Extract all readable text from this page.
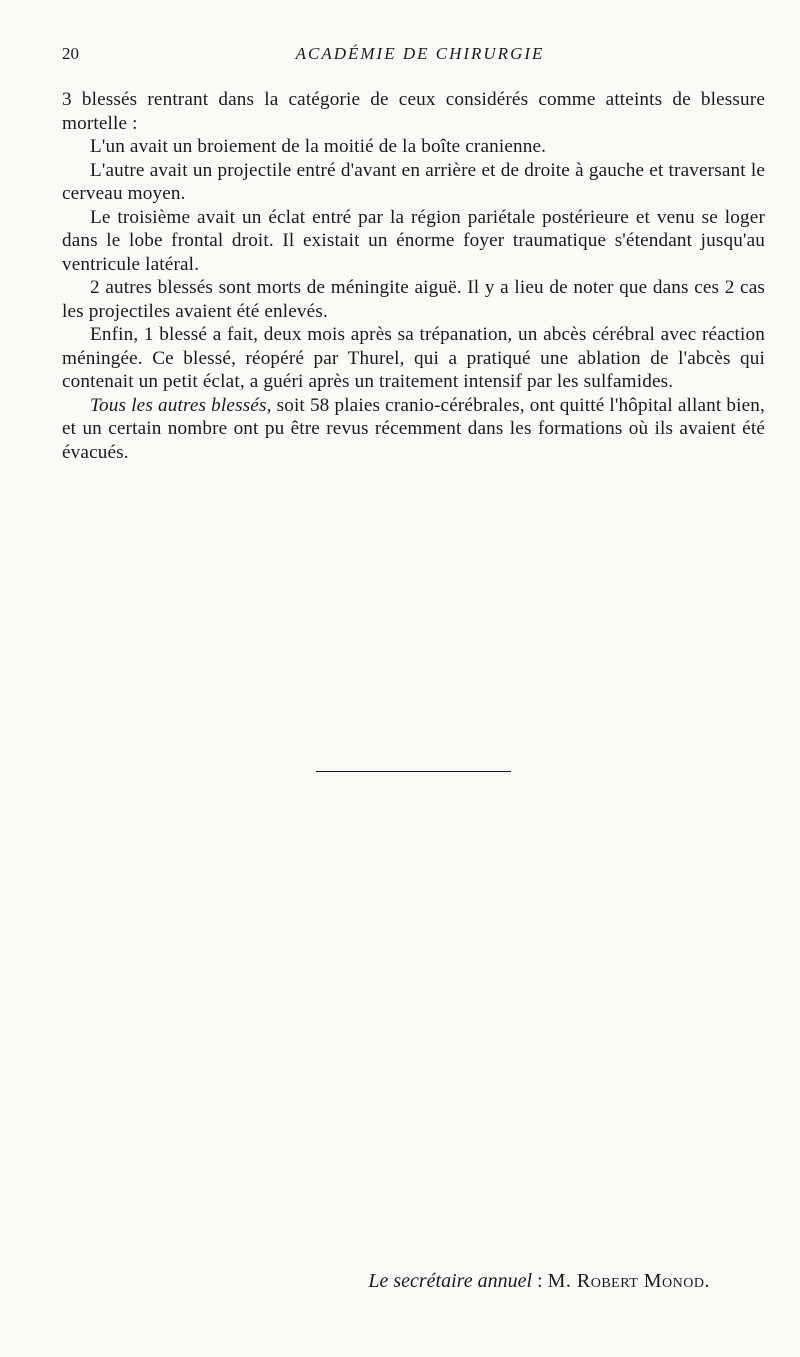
20	ACADÉMIE DE CHIRURGIE

3 blessés rentrant dans la catégorie de ceux considérés comme atteints de blessure mortelle :

L'un avait un broiement de la moitié de la boîte cranienne.

L'autre avait un projectile entré d'avant en arrière et de droite à gauche et traversant le cerveau moyen.

Le troisième avait un éclat entré par la région pariétale postérieure et venu se loger dans le lobe frontal droit. Il existait un énorme foyer traumatique s'étendant jusqu'au ventricule latéral.

2 autres blessés sont morts de méningite aiguë. Il y a lieu de noter que dans ces 2 cas les projectiles avaient été enlevés.

Enfin, 1 blessé a fait, deux mois après sa trépanation, un abcès cérébral avec réaction méningée. Ce blessé, réopéré par Thurel, qui a pratiqué une ablation de l'abcès qui contenait un petit éclat, a guéri après un traitement intensif par les sulfamides.

Tous les autres blessés, soit 58 plaies cranio-cérébrales, ont quitté l'hôpital allant bien, et un certain nombre ont pu être revus récemment dans les formations où ils avaient été évacués.

Le secrétaire annuel : M. Robert Monod.
